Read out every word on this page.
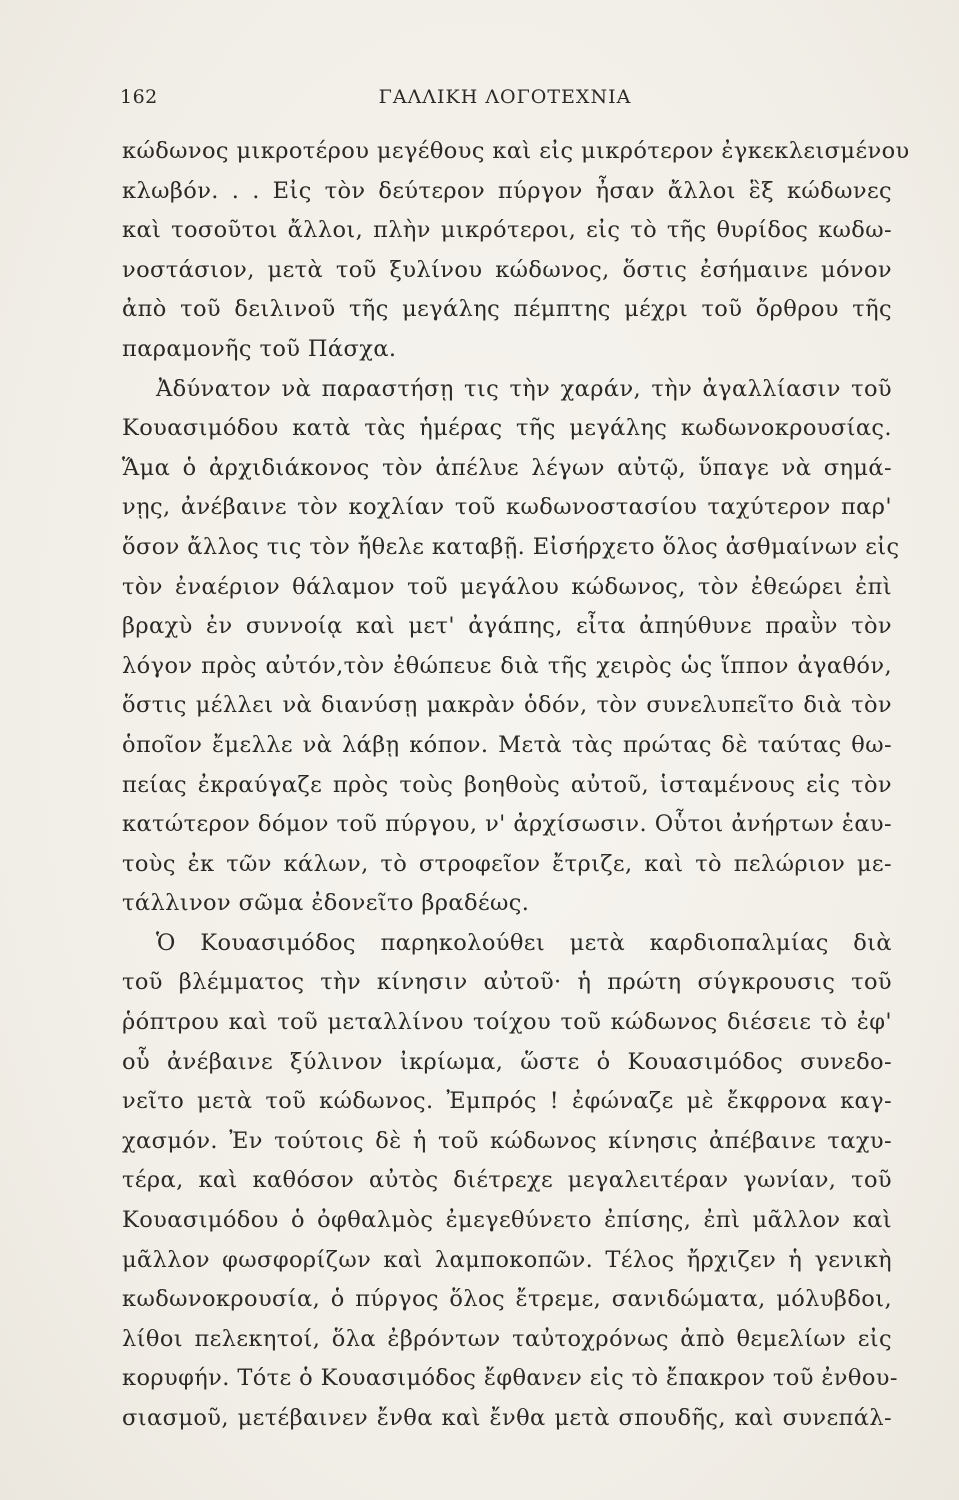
162	ΓΑΛΛΙΚΗ ΛΟΓΟΤΕΧΝΙΑ
κώδωνος μικροτέρου μεγέθους καὶ εἰς μικρότερον ἐγκεκλεισμένου
κλωβόν. . . Εἰς τὸν δεύτερον πύργον ἦσαν ἄλλοι ἓξ κώδωνες
καὶ τοσοῦτοι ἄλλοι, πλὴν μικρότεροι, εἰς τὸ τῆς θυρίδος κωδω-
νοστάσιον, μετὰ τοῦ ξυλίνου κώδωνος, ὅστις ἐσήμαινε μόνον
ἀπὸ τοῦ δειλινοῦ τῆς μεγάλης πέμπτης μέχρι τοῦ ὄρθρου τῆς
παραμονῆς τοῦ Πάσχα.
Ἀδύνατον νὰ παραστήσῃ τις τὴν χαράν, τὴν ἀγαλλίασιν τοῦ
Κουασιμόδου κατὰ τὰς ἡμέρας τῆς μεγάλης κωδωνοκρουσίας.
Ἅμα ὁ ἀρχιδιάκονος τὸν ἀπέλυε λέγων αὐτῷ, ὕπαγε νὰ σημά-
νῃς, ἀνέβαινε τὸν κοχλίαν τοῦ κωδωνοστασίου ταχύτερον παρ'
ὅσον ἄλλος τις τὸν ἤθελε καταβῇ. Εἰσήρχετο ὅλος ἀσθμαίνων εἰς
τὸν ἐναέριον θάλαμον τοῦ μεγάλου κώδωνος, τὸν ἐθεώρει ἐπὶ
βραχὺ ἐν συννοίᾳ καὶ μετ' ἀγάπης, εἶτα ἀπηύθυνε πραῢν τὸν
λόγον πρὸς αὐτόν,τὸν ἐθώπευε διὰ τῆς χειρὸς ὡς ἵππον ἀγαθόν,
ὅστις μέλλει νὰ διανύσῃ μακρὰν ὁδόν, τὸν συνελυπεῖτο διὰ τὸν
ὁποῖον ἔμελλε νὰ λάβῃ κόπον. Μετὰ τὰς πρώτας δὲ ταύτας θω-
πείας ἐκραύγαζε πρὸς τοὺς βοηθοὺς αὐτοῦ, ἱσταμένους εἰς τὸν
κατώτερον δόμον τοῦ πύργου, ν' ἀρχίσωσιν. Οὗτοι ἀνήρτων ἑαυ-
τοὺς ἐκ τῶν κάλων, τὸ στροφεῖον ἔτριζε, καὶ τὸ πελώριον με-
τάλλινον σῶμα ἐδονεῖτο βραδέως.
Ὁ Κουασιμόδος παρηκολούθει μετὰ καρδιοπαλμίας διὰ
τοῦ βλέμματος τὴν κίνησιν αὐτοῦ· ἡ πρώτη σύγκρουσις τοῦ
ῥόπτρου καὶ τοῦ μεταλλίνου τοίχου τοῦ κώδωνος διέσειε τὸ ἐφ'
οὗ ἀνέβαινε ξύλινον ἰκρίωμα, ὥστε ὁ Κουασιμόδος συνεδο-
νεῖτο μετὰ τοῦ κώδωνος. Ἐμπρός ! ἐφώναζε μὲ ἔκφρονα καγ-
χασμόν. Ἐν τούτοις δὲ ἡ τοῦ κώδωνος κίνησις ἀπέβαινε ταχυ-
τέρα, καὶ καθόσον αὐτὸς διέτρεχε μεγαλειτέραν γωνίαν, τοῦ
Κουασιμόδου ὁ ὀφθαλμὸς ἐμεγεθύνετο ἐπίσης, ἐπὶ μᾶλλον καὶ
μᾶλλον φωσφορίζων καὶ λαμποκοπῶν. Τέλος ἤρχιζεν ἡ γενικὴ
κωδωνοκρουσία, ὁ πύργος ὅλος ἔτρεμε, σανιδώματα, μόλυβδοι,
λίθοι πελεκητοί, ὅλα ἐβρόντων ταὐτοχρόνως ἀπὸ θεμελίων εἰς
κορυφήν. Τότε ὁ Κουασιμόδος ἔφθανεν εἰς τὸ ἔπακρον τοῦ ἐνθου-
σιασμοῦ, μετέβαινεν ἔνθα καὶ ἔνθα μετὰ σπουδῆς, καὶ συνεπάλ-
